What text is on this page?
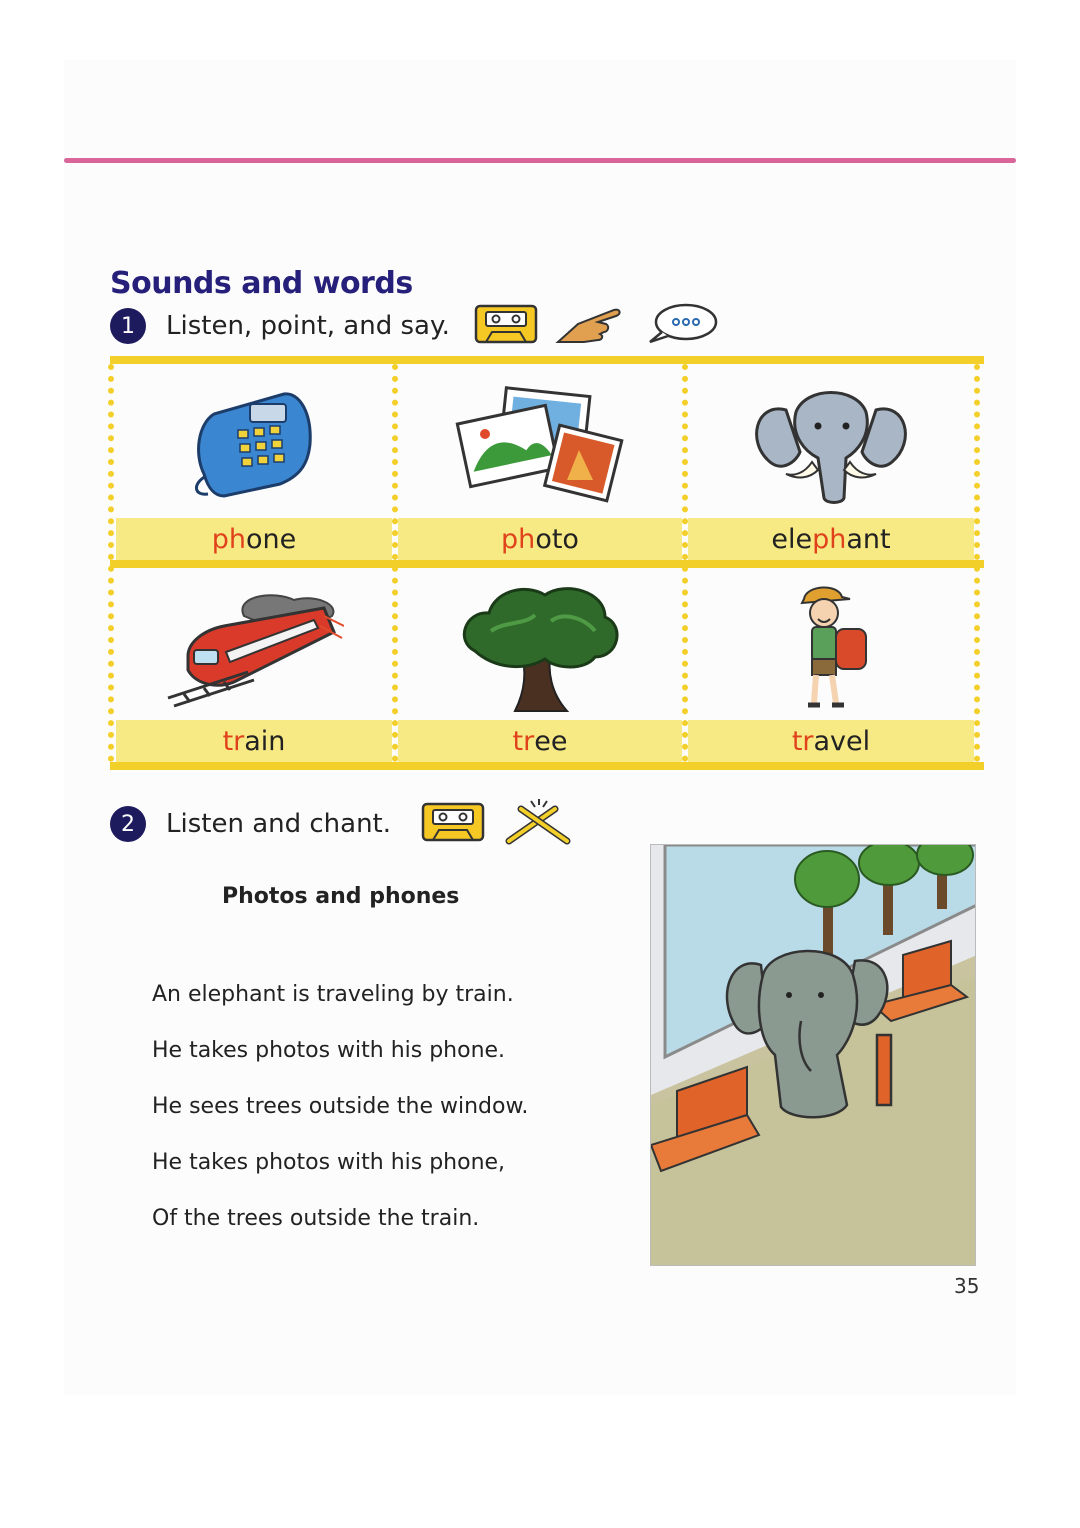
Sounds and words
1	Listen, point, and say.
ph one	ph oto	ele ph ant
tr ain	tr ee	tr avel
2	Listen and chant.
Photos and phones
An elephant is traveling by train.
He takes photos with his phone.
He sees trees outside the window.
He takes photos with his phone,
Of the trees outside the train.
35
